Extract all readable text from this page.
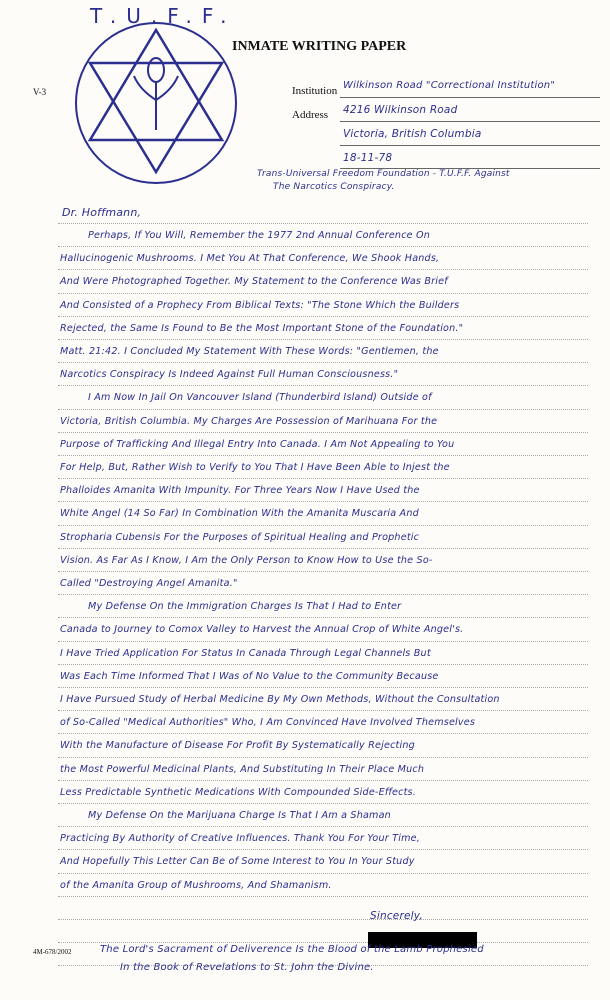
T.U.F.F.
INMATE WRITING PAPER
V-3	Institution
Address
Wilkinson Road "Correctional Institution"
4216 Wilkinson Road
Victoria, British Columbia
18-11-78
Trans-Universal Freedom Foundation - T.U.F.F. Against
The Narcotics Conspiracy.
Dr. Hoffmann,
Perhaps, If You Will, Remember the 1977 2nd Annual Conference On
Hallucinogenic Mushrooms. I Met You At That Conference, We Shook Hands,
And Were Photographed Together. My Statement to the Conference Was Brief
And Consisted of a Prophecy From Biblical Texts: "The Stone Which the Builders
Rejected, the Same Is Found to Be the Most Important Stone of the Foundation."
Matt. 21:42. I Concluded My Statement With These Words: "Gentlemen, the
Narcotics Conspiracy Is Indeed Against Full Human Consciousness."
I Am Now In Jail On Vancouver Island (Thunderbird Island) Outside of
Victoria, British Columbia. My Charges Are Possession of Marihuana For the
Purpose of Trafficking And Illegal Entry Into Canada. I Am Not Appealing to You
For Help, But, Rather Wish to Verify to You That I Have Been Able to Injest the
Phalloides Amanita With Impunity. For Three Years Now I Have Used the
White Angel (14 So Far) In Combination With the Amanita Muscaria And
Stropharia Cubensis For the Purposes of Spiritual Healing and Prophetic
Vision. As Far As I Know, I Am the Only Person to Know How to Use the So-
Called "Destroying Angel Amanita."
My Defense On the Immigration Charges Is That I Had to Enter
Canada to Journey to Comox Valley to Harvest the Annual Crop of White Angel's.
I Have Tried Application For Status In Canada Through Legal Channels But
Was Each Time Informed That I Was of No Value to the Community Because
I Have Pursued Study of Herbal Medicine By My Own Methods, Without the Consultation
of So-Called "Medical Authorities" Who, I Am Convinced Have Involved Themselves
With the Manufacture of Disease For Profit By Systematically Rejecting
the Most Powerful Medicinal Plants, And Substituting In Their Place Much
Less Predictable Synthetic Medications With Compounded Side-Effects.
My Defense On the Marijuana Charge Is That I Am a Shaman
Practicing By Authority of Creative Influences. Thank You For Your Time,
And Hopefully This Letter Can Be of Some Interest to You In Your Study
of the Amanita Group of Mushrooms, And Shamanism.
Sincerely,
4M-678/2002	The Lord's Sacrament of Deliverence Is the Blood of the Lamb Prophesied
In the Book of Revelations to St. John the Divine.
